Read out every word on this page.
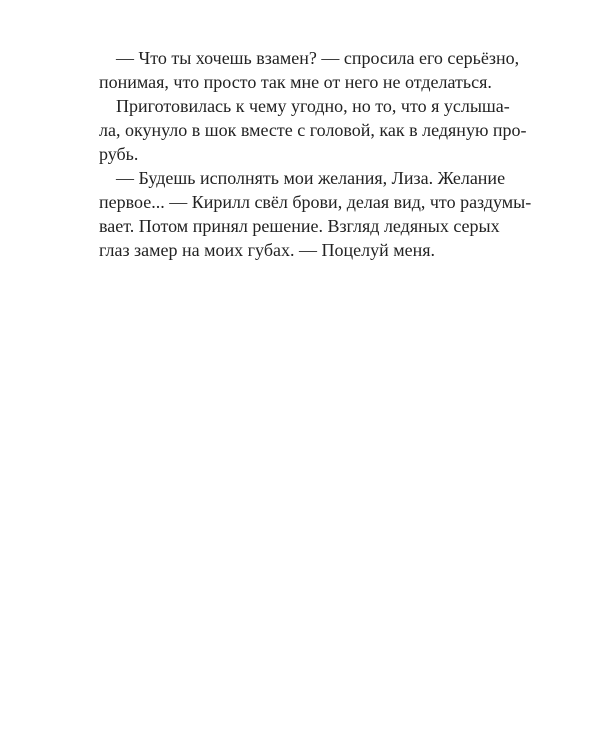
— Что ты хочешь взамен? — спросила его серьёзно,
понимая, что просто так мне от него не отделаться.

Приготовилась к чему угодно, но то, что я услыша-
ла, окунуло в шок вместе с головой, как в ледяную про-
рубь.

— Будешь исполнять мои желания, Лиза. Желание
первое... — Кирилл свёл брови, делая вид, что раздумы-
вает. Потом принял решение. Взгляд ледяных серых
глаз замер на моих губах. — Поцелуй меня.
